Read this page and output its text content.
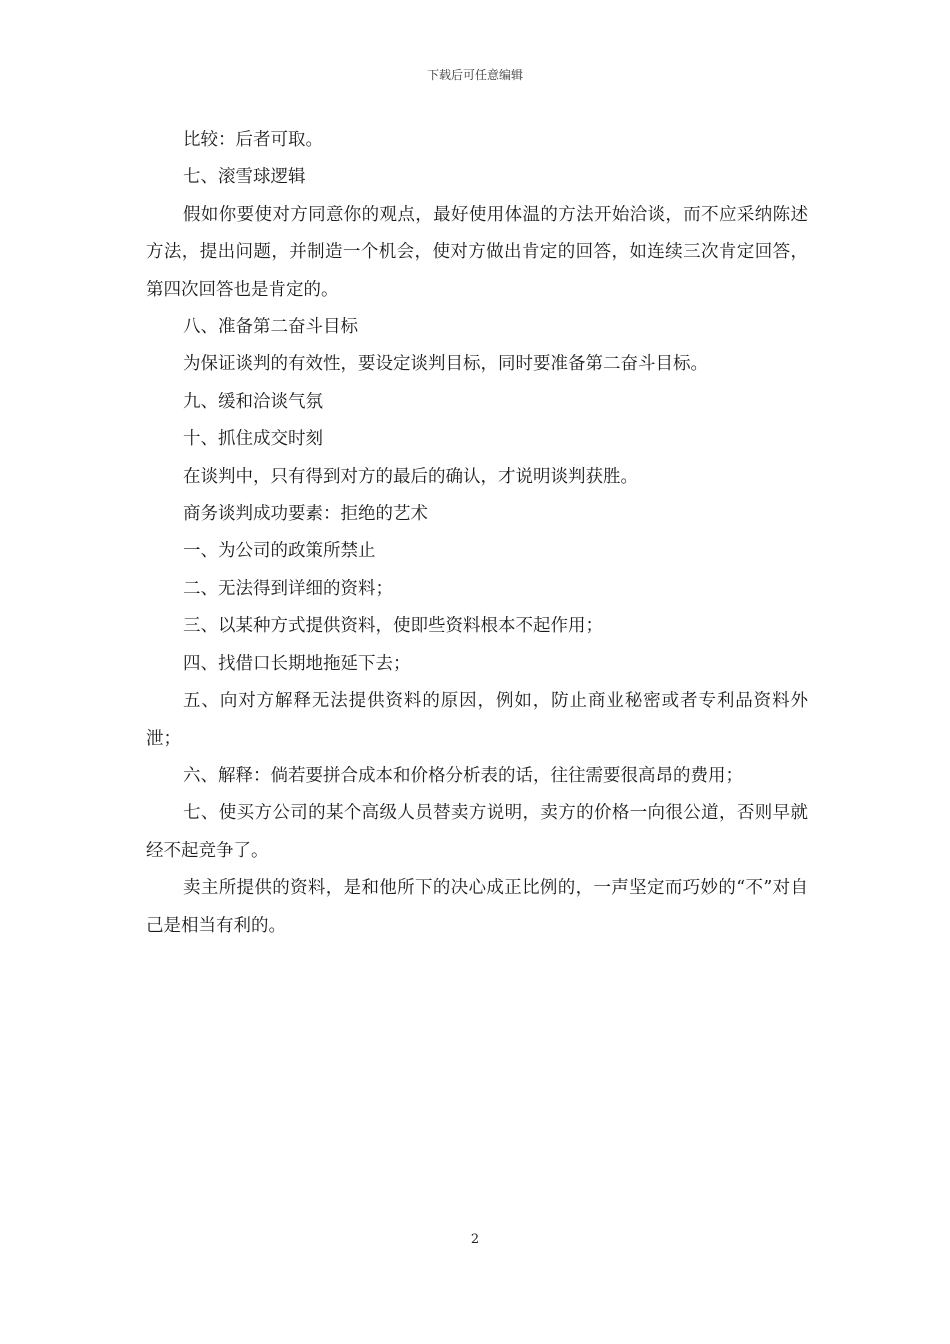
下载后可任意编辑

比较：后者可取。

七、滚雪球逻辑

假如你要使对方同意你的观点，最好使用体温的方法开始洽谈，而不应采纳陈述方法，提出问题，并制造一个机会，使对方做出肯定的回答，如连续三次肯定回答，第四次回答也是肯定的。

八、准备第二奋斗目标

为保证谈判的有效性，要设定谈判目标，同时要准备第二奋斗目标。

九、缓和洽谈气氛

十、抓住成交时刻

在谈判中，只有得到对方的最后的确认，才说明谈判获胜。

商务谈判成功要素：拒绝的艺术

一、为公司的政策所禁止

二、无法得到详细的资料；

三、以某种方式提供资料，使即些资料根本不起作用；

四、找借口长期地拖延下去；

五、向对方解释无法提供资料的原因，例如，防止商业秘密或者专利品资料外泄；

六、解释：倘若要拼合成本和价格分析表的话，往往需要很高昂的费用；

七、使买方公司的某个高级人员替卖方说明，卖方的价格一向很公道，否则早就经不起竞争了。

卖主所提供的资料，是和他所下的决心成正比例的，一声坚定而巧妙的“不”对自己是相当有利的。

2
